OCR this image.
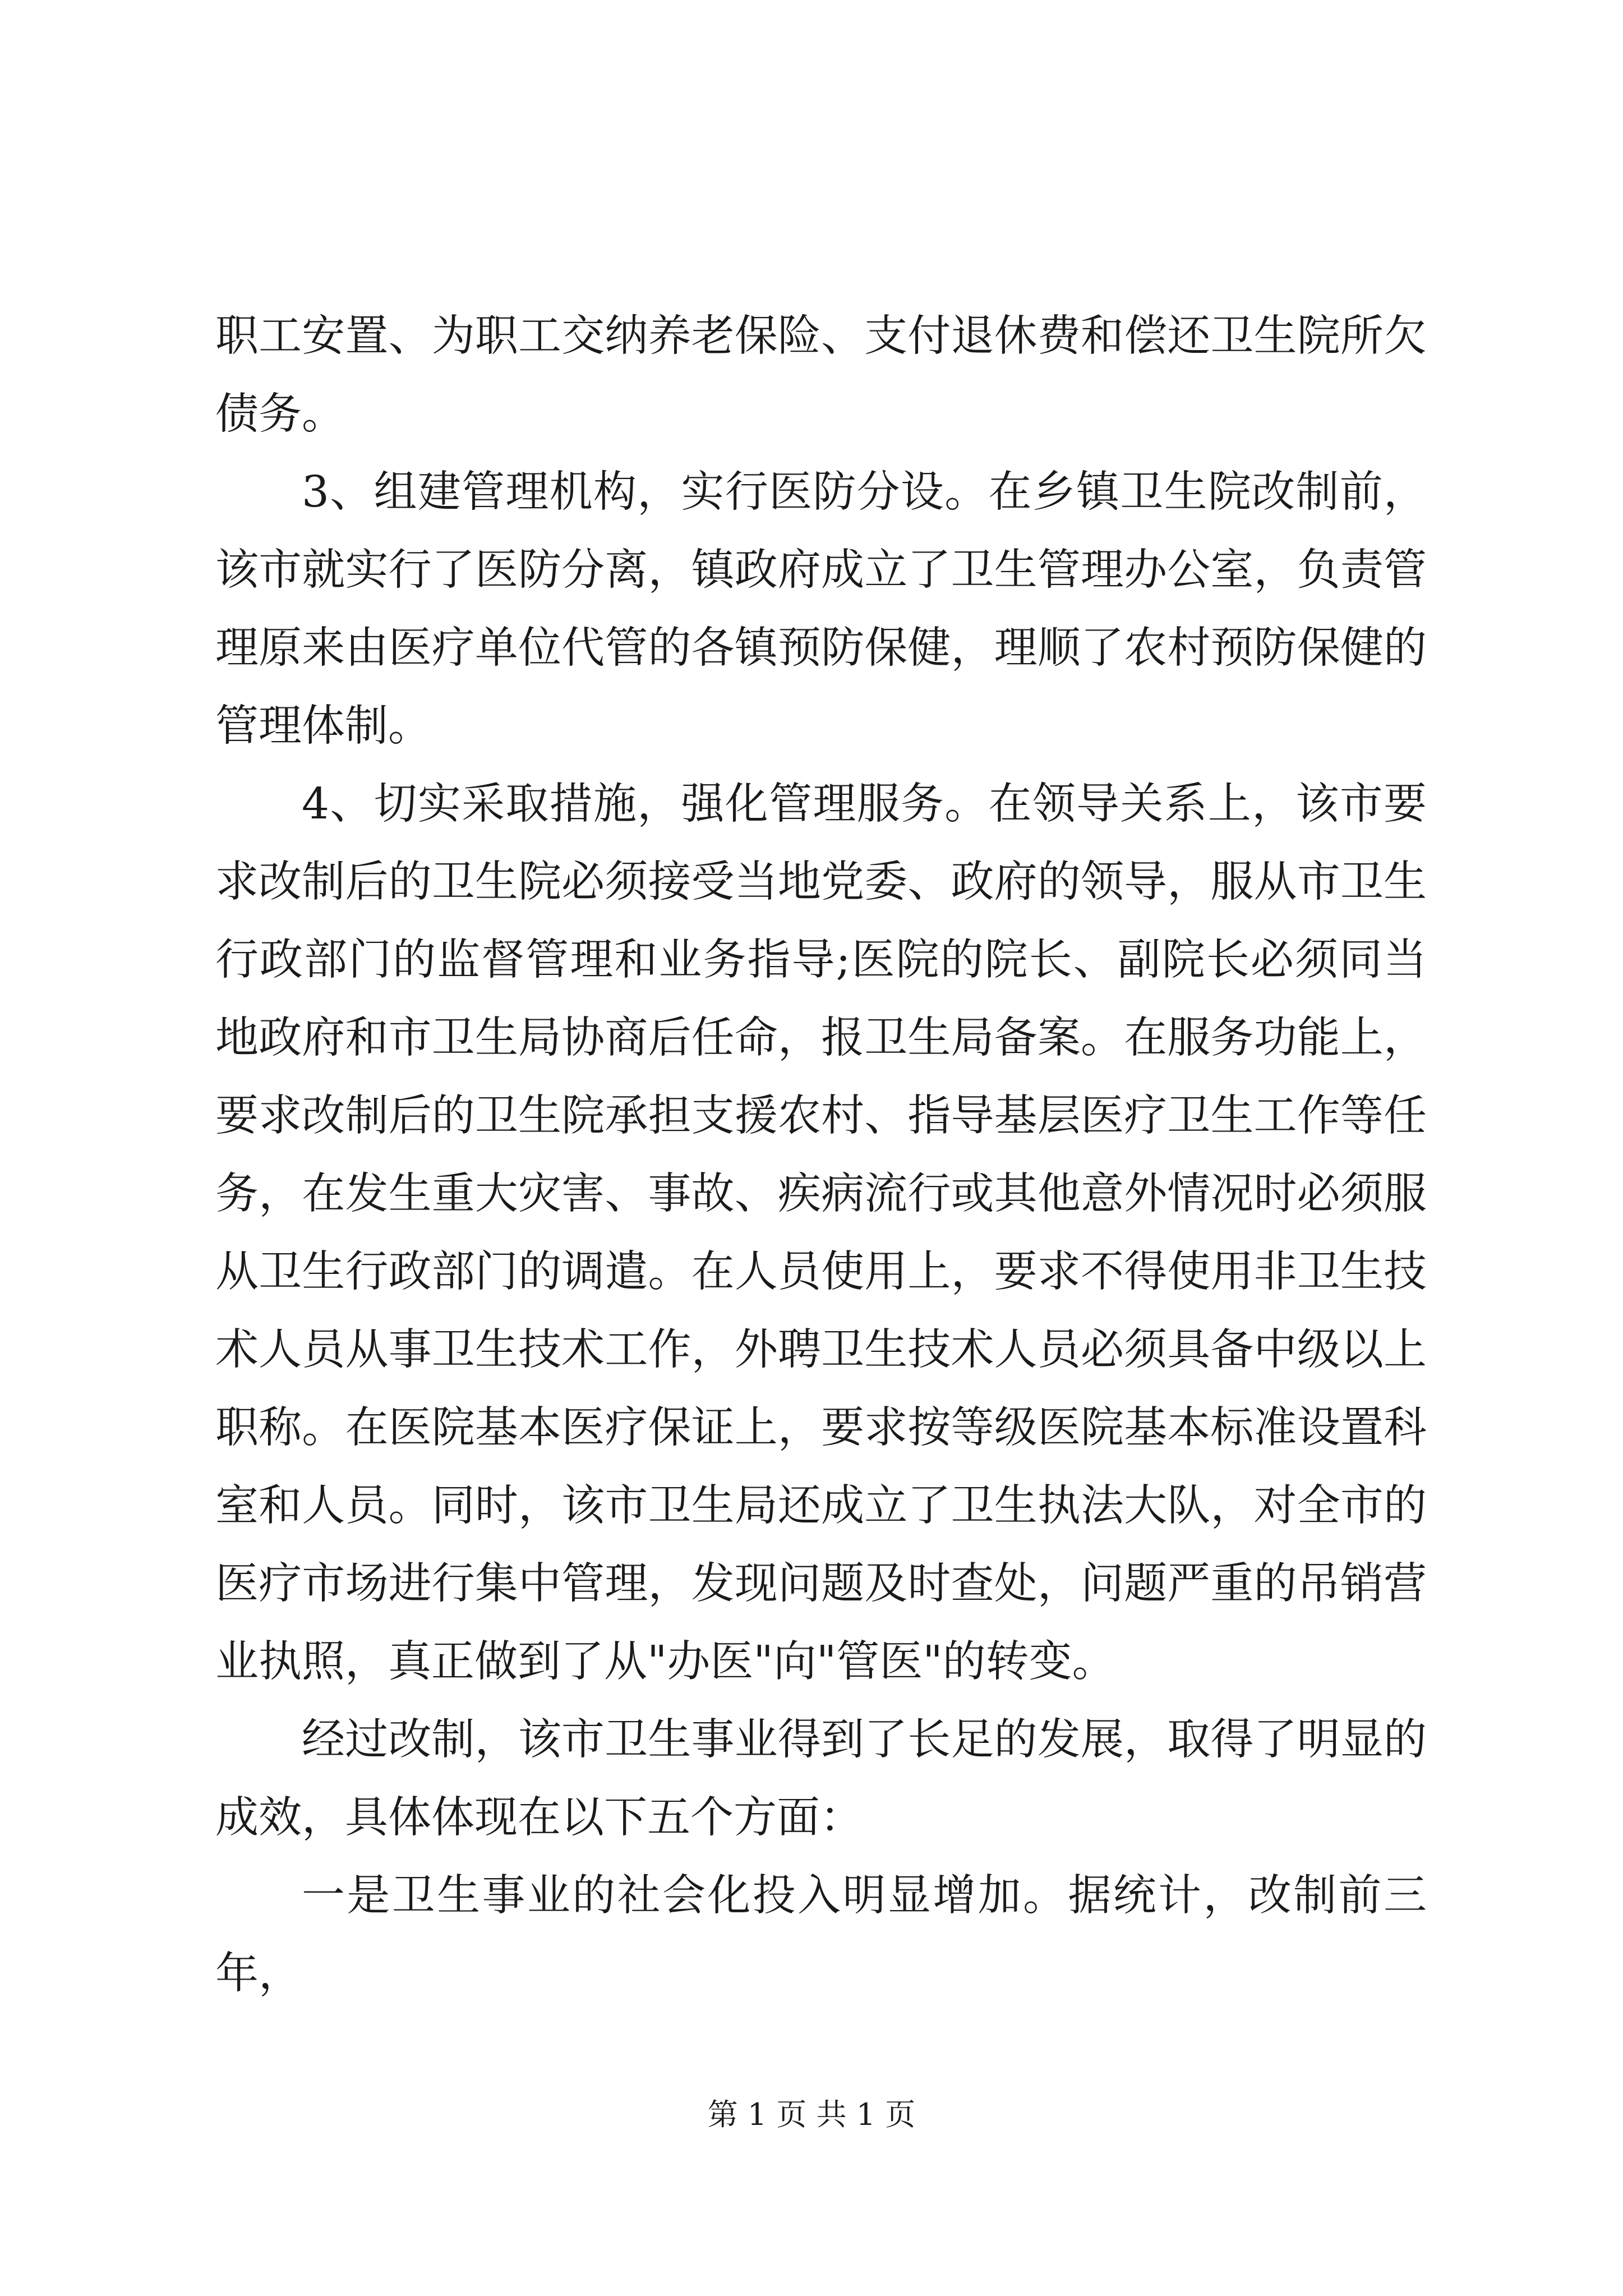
职工安置、为职工交纳养老保险、支付退休费和偿还卫生院所欠债务。

3、组建管理机构，实行医防分设。在乡镇卫生院改制前，该市就实行了医防分离，镇政府成立了卫生管理办公室，负责管理原来由医疗单位代管的各镇预防保健，理顺了农村预防保健的管理体制。

4、切实采取措施，强化管理服务。在领导关系上，该市要求改制后的卫生院必须接受当地党委、政府的领导，服从市卫生行政部门的监督管理和业务指导;医院的院长、副院长必须同当地政府和市卫生局协商后任命，报卫生局备案。在服务功能上，要求改制后的卫生院承担支援农村、指导基层医疗卫生工作等任务，在发生重大灾害、事故、疾病流行或其他意外情况时必须服从卫生行政部门的调遣。在人员使用上，要求不得使用非卫生技术人员从事卫生技术工作，外聘卫生技术人员必须具备中级以上职称。在医院基本医疗保证上，要求按等级医院基本标准设置科室和人员。同时，该市卫生局还成立了卫生执法大队，对全市的医疗市场进行集中管理，发现问题及时查处，问题严重的吊销营业执照，真正做到了从"办医"向"管医"的转变。

经过改制，该市卫生事业得到了长足的发展，取得了明显的成效，具体体现在以下五个方面：

一是卫生事业的社会化投入明显增加。据统计，改制前三年，

第 1 页 共 1 页
